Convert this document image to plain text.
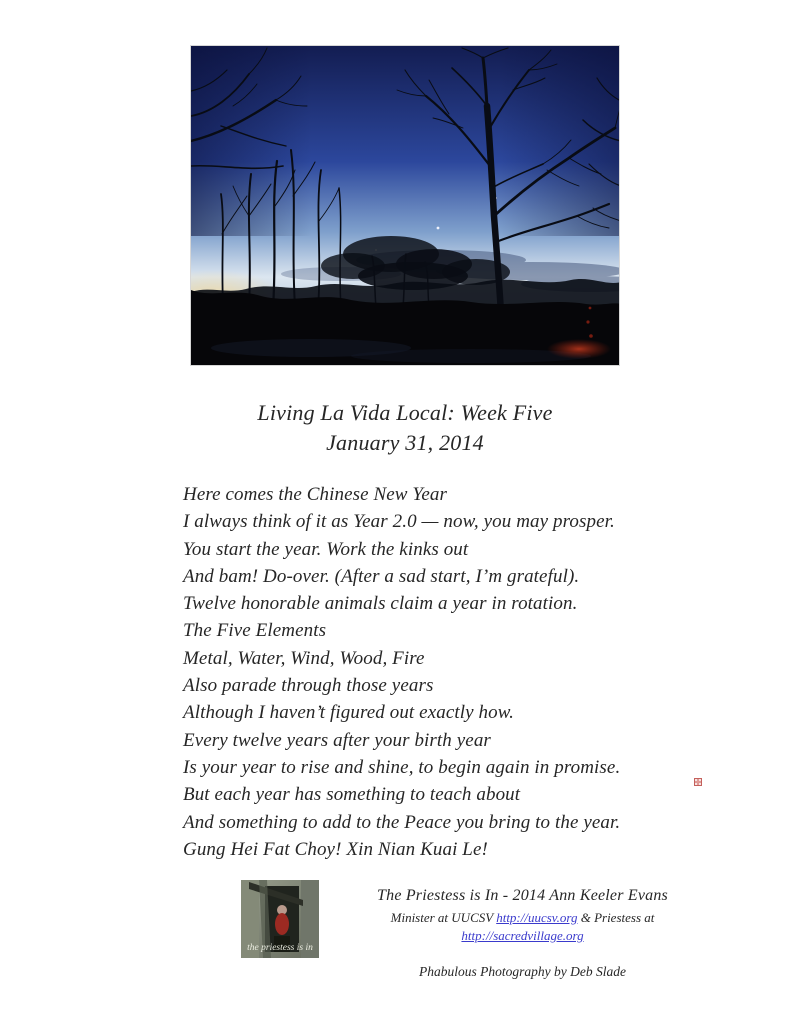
Living La Vida Local: Week Five
January 31, 2014
Here comes the Chinese New Year
I always think of it as Year 2.0 — now, you may prosper.
You start the year. Work the kinks out
And bam! Do-over. (After a sad start, I’m grateful).
Twelve honorable animals claim a year in rotation.
The Five Elements
Metal, Water, Wind, Wood, Fire
Also parade through those years
Although I haven’t figured out exactly how.
Every twelve years after your birth year
Is your year to rise and shine, to begin again in promise.
But each year has something to teach about
And something to add to the Peace you bring to the year.
Gung Hei Fat Choy! Xin Nian Kuai Le!
the priestess is in
The Priestess is In - 2014 Ann Keeler Evans
Minister at UUCSV http://uucsv.org & Priestess at http://sacredvillage.org
Phabulous Photography by Deb Slade
